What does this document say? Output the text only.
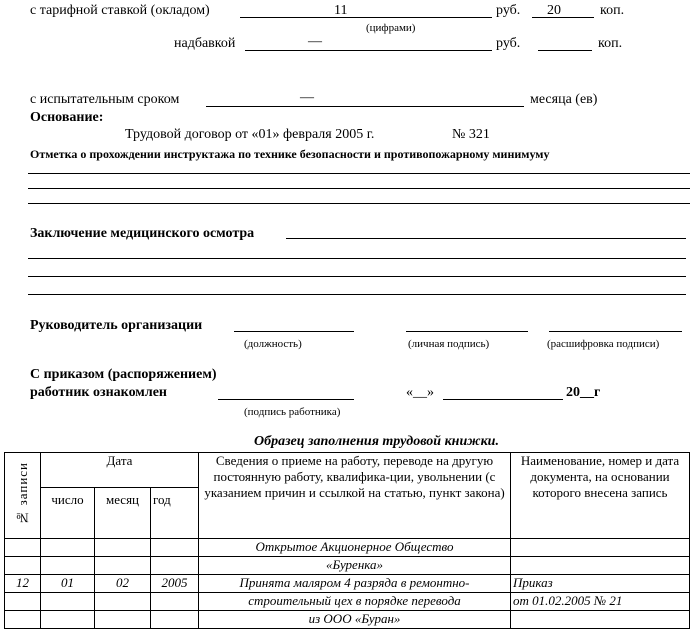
с тарифной ставкой (окладом)	11	руб. 20	коп.
(цифрами)
надбавкой	—	руб.	коп.
с испытательным сроком	—	месяца (ев)
Основание:
Трудовой договор от «01» февраля 2005 г.	№ 321
Отметка о прохождении инструктажа по технике безопасности и противопожарному минимуму
Заключение медицинского осмотра
Руководитель организации
(должность)	(личная подпись)	(расшифровка подписи)
С приказом (распоряжением)
работник ознакомлен
(подпись работника)
«__»	20__г
Образец заполнения трудовой книжки.
№ записи	Дата			Сведения о приеме на работу, переводе на другую постоянную работу, квалифика-ции, увольнении (с указанием причин и ссылкой на статью, пункт закона)	Наименование, номер и дата документа, на основании которого внесена запись
	число	месяц	год		
				Открытое Акционерное Общество	
				«Буренка»	
12	01	02	2005	Принята маляром 4 разряда в ремонтно-	Приказ
				строительный цех в порядке перевода	от 01.02.2005 № 21
				из ООО «Буран»	
